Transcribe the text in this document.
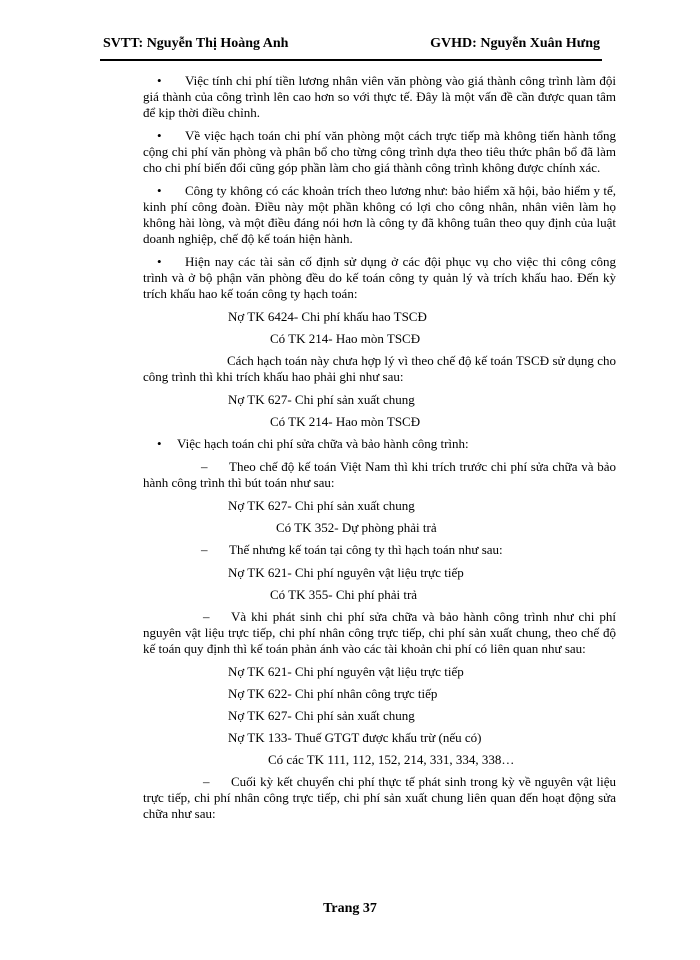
SVTT: Nguyễn Thị Hoàng Anh	GVHD: Nguyễn Xuân Hưng

• Việc tính chi phí tiền lương nhân viên văn phòng vào giá thành công trình làm đội giá thành của công trình lên cao hơn so với thực tế. Đây là một vấn đề cần được quan tâm để kịp thời điều chỉnh.

• Về việc hạch toán chi phí văn phòng một cách trực tiếp mà không tiến hành tổng cộng chi phí văn phòng và phân bổ cho từng công trình dựa theo tiêu thức phân bổ đã làm cho chi phí biến đổi cũng góp phần làm cho giá thành công trình không được chính xác.

• Công ty không có các khoản trích theo lương như: bảo hiểm xã hội, bảo hiểm y tế, kinh phí công đoàn. Điều này một phần không có lợi cho công nhân, nhân viên làm họ không hài lòng, và một điều đáng nói hơn là công ty đã không tuân theo quy định của luật doanh nghiệp, chế độ kế toán hiện hành.

• Hiện nay các tài sản cố định sử dụng ở các đội phục vụ cho việc thi công công trình và ở bộ phận văn phòng đều do kế toán công ty quản lý và trích khấu hao. Đến kỳ trích khấu hao kế toán công ty hạch toán:

Nợ TK 6424- Chi phí khấu hao TSCĐ
Có TK 214- Hao mòn TSCĐ

Cách hạch toán này chưa hợp lý vì theo chế độ kế toán TSCĐ sử dụng cho công trình thì khi trích khấu hao phải ghi như sau:

Nợ TK 627- Chi phí sản xuất chung
Có TK 214- Hao mòn TSCĐ

• Việc hạch toán chi phí sửa chữa và bảo hành công trình:

– Theo chế độ kế toán Việt Nam thì khi trích trước chi phí sửa chữa và bảo hành công trình thì bút toán như sau:

Nợ TK 627- Chi phí sản xuất chung
Có TK 352- Dự phòng phải trả

– Thế nhưng kế toán tại công ty thì hạch toán như sau:

Nợ TK 621- Chi phí nguyên vật liệu trực tiếp
Có TK 355- Chi phí phải trả

– Và khi phát sinh chi phí sửa chữa và bảo hành công trình như chi phí nguyên vật liệu trực tiếp, chi phí nhân công trực tiếp, chi phí sản xuất chung, theo chế độ kế toán quy định thì kế toán phản ánh vào các tài khoản chi phí có liên quan như sau:

Nợ TK 621- Chi phí nguyên vật liệu trực tiếp
Nợ TK 622- Chi phí nhân công trực tiếp
Nợ TK 627- Chi phí sản xuất chung
Nợ TK 133- Thuế GTGT được khấu trừ (nếu có)
Có các TK 111, 112, 152, 214, 331, 334, 338…

– Cuối kỳ kết chuyển chi phí thực tế phát sinh trong kỳ về nguyên vật liệu trực tiếp, chi phí nhân công trực tiếp, chi phí sản xuất chung liên quan đến hoạt động sửa chữa như sau:

Trang 37
